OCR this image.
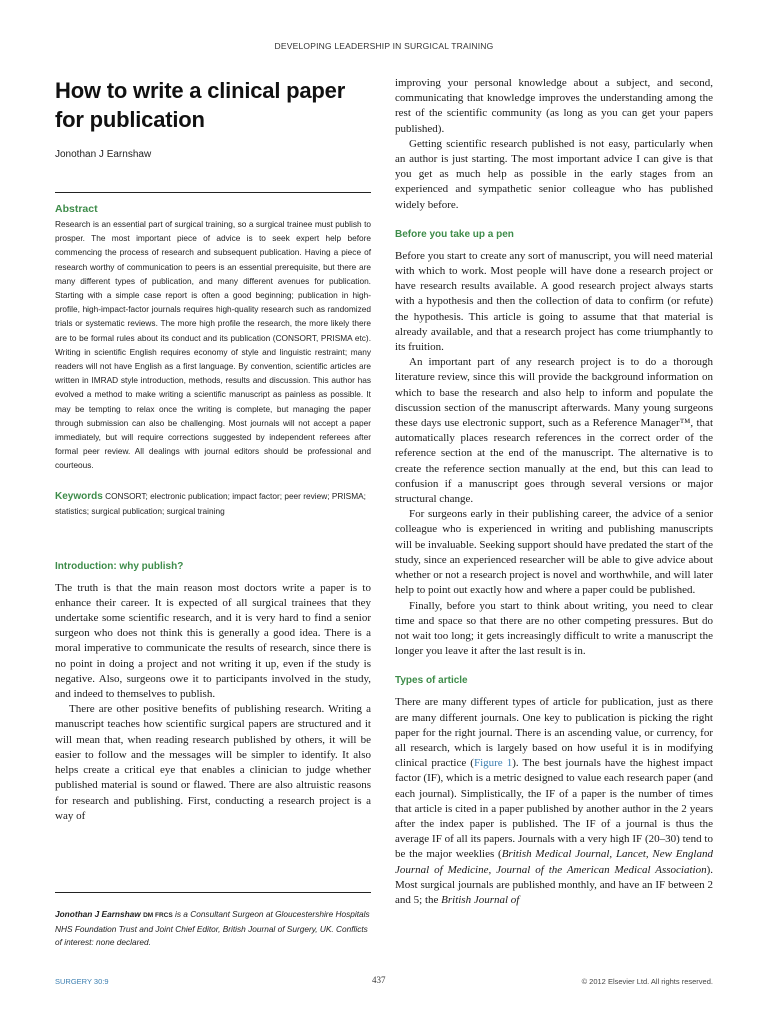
DEVELOPING LEADERSHIP IN SURGICAL TRAINING
How to write a clinical paper
for publication
Jonothan J Earnshaw
Abstract

Research is an essential part of surgical training, so a surgical trainee must publish to prosper. The most important piece of advice is to seek expert help before commencing the process of research and subsequent publication. Having a piece of research worthy of communication to peers is an essential prerequisite, but there are many different types of publication, and many different avenues for publication. Starting with a simple case report is often a good beginning; publication in high-profile, high-impact-factor journals requires high-quality research such as randomized trials or systematic reviews. The more high profile the research, the more likely there are to be formal rules about its conduct and its publication (CONSORT, PRISMA etc). Writing in scientific English requires economy of style and linguistic restraint; many readers will not have English as a first language. By convention, scientific articles are written in IMRAD style introduction, methods, results and discussion. This author has evolved a method to make writing a scientific manuscript as painless as possible. It may be tempting to relax once the writing is complete, but managing the paper through submission can also be challenging. Most journals will not accept a paper immediately, but will require corrections suggested by independent referees after formal peer review. All dealings with journal editors should be professional and courteous.

Keywords CONSORT; electronic publication; impact factor; peer review; PRISMA; statistics; surgical publication; surgical training

Introduction: why publish?

The truth is that the main reason most doctors write a paper is to enhance their career. It is expected of all surgical trainees that they undertake some scientific research, and it is very hard to find a senior surgeon who does not think this is generally a good idea. There is a moral imperative to communicate the results of research, since there is no point in doing a project and not writing it up, even if the study is negative. Also, surgeons owe it to participants involved in the study, and indeed to themselves to publish.

There are other positive benefits of publishing research. Writing a manuscript teaches how scientific surgical papers are structured and it will mean that, when reading research published by others, it will be easier to follow and the messages will be simpler to identify. It also helps create a critical eye that enables a clinician to judge whether published material is sound or flawed. There are also altruistic reasons for research and publishing. First, conducting a research project is a way of

improving your personal knowledge about a subject, and second, communicating that knowledge improves the understanding among the rest of the scientific community (as long as you can get your papers published).

Getting scientific research published is not easy, particularly when an author is just starting. The most important advice I can give is that you get as much help as possible in the early stages from an experienced and sympathetic senior colleague who has published widely before.

Before you take up a pen

Before you start to create any sort of manuscript, you will need material with which to work. Most people will have done a research project or have research results available. A good research project always starts with a hypothesis and then the collection of data to confirm (or refute) the hypothesis. This article is going to assume that that material is already available, and that a research project has come triumphantly to its fruition.

An important part of any research project is to do a thorough literature review, since this will provide the background information on which to base the research and also help to inform and populate the discussion section of the manuscript afterwards. Many young surgeons these days use electronic support, such as a Reference Manager™, that automatically places research references in the correct order of the reference section at the end of the manuscript. The alternative is to create the reference section manually at the end, but this can lead to confusion if a manuscript goes through several versions or major structural change.

For surgeons early in their publishing career, the advice of a senior colleague who is experienced in writing and publishing manuscripts will be invaluable. Seeking support should have predated the start of the study, since an experienced researcher will be able to give advice about whether or not a research project is novel and worthwhile, and will later help to point out exactly how and where a paper could be published.

Finally, before you start to think about writing, you need to clear time and space so that there are no other competing pressures. But do not wait too long; it gets increasingly difficult to write a manuscript the longer you leave it after the last result is in.

Types of article

There are many different types of article for publication, just as there are many different journals. One key to publication is picking the right paper for the right journal. There is an ascending value, or currency, for all research, which is largely based on how useful it is in modifying clinical practice (Figure 1). The best journals have the highest impact factor (IF), which is a metric designed to value each research paper (and each journal). Simplistically, the IF of a paper is the number of times that article is cited in a paper published by another author in the 2 years after the index paper is published. The IF of a journal is thus the average IF of all its papers. Journals with a very high IF (20–30) tend to be the major weeklies (British Medical Journal, Lancet, New England Journal of Medicine, Journal of the American Medical Association). Most surgical journals are published monthly, and have an IF between 2 and 5; the British Journal of

Jonothan J Earnshaw DM FRCS is a Consultant Surgeon at Gloucestershire Hospitals NHS Foundation Trust and Joint Chief Editor, British Journal of Surgery, UK. Conflicts of interest: none declared.
SURGERY 30:9	437	© 2012 Elsevier Ltd. All rights reserved.
